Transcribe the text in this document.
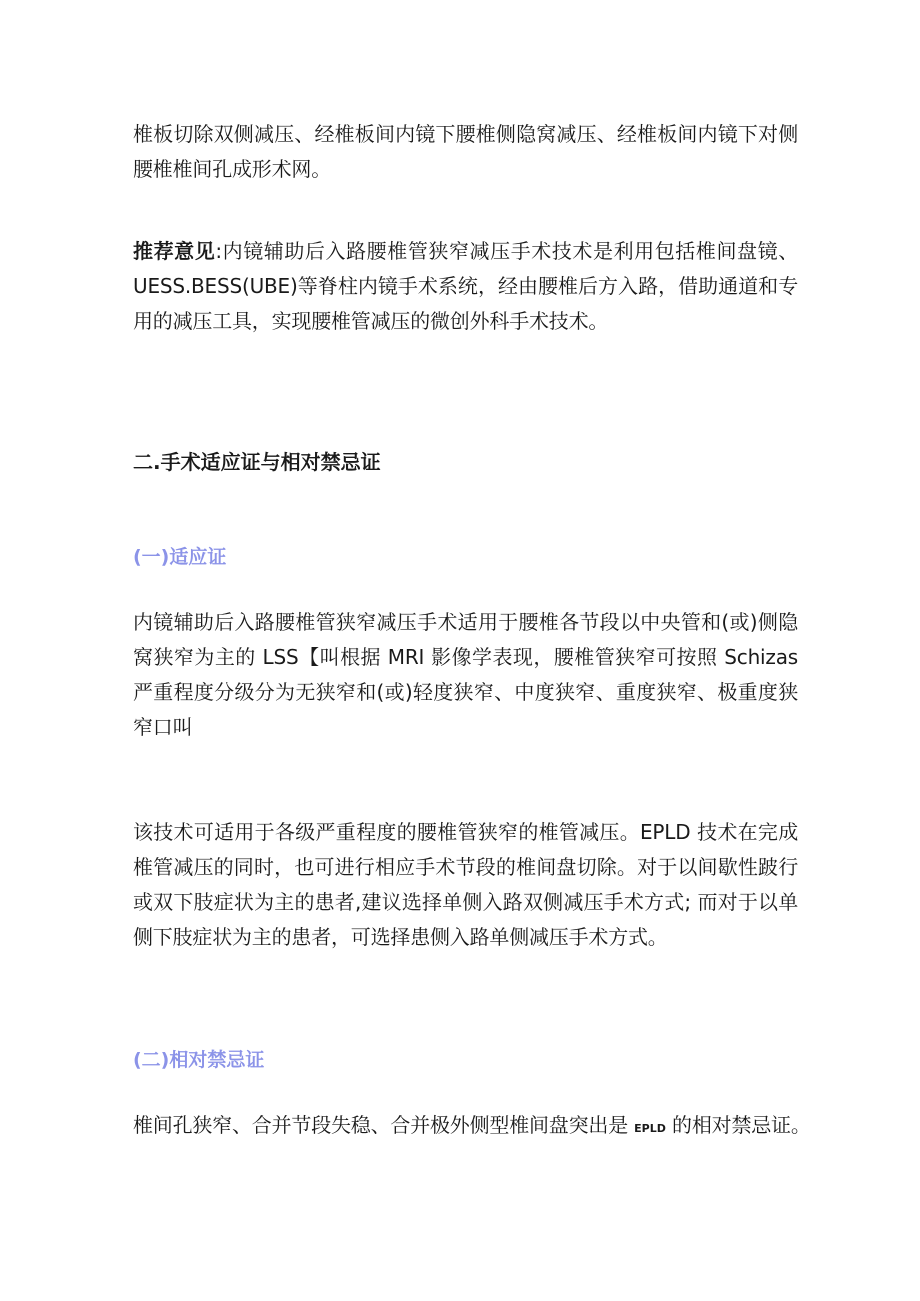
椎板切除双侧减压、经椎板间内镜下腰椎侧隐窝减压、经椎板间内镜下对侧
腰椎椎间孔成形术网。

推荐意见:内镜辅助后入路腰椎管狭窄减压手术技术是利用包括椎间盘镜、
UESS.BESS(UBE)等脊柱内镜手术系统，经由腰椎后方入路，借助通道和专
用的减压工具，实现腰椎管减压的微创外科手术技术。

二.手术适应证与相对禁忌证
(一)适应证

内镜辅助后入路腰椎管狭窄减压手术适用于腰椎各节段以中央管和(或)侧隐
窝狭窄为主的 LSS【叫根据 MRI 影像学表现，腰椎管狭窄可按照 Schizas
严重程度分级分为无狭窄和(或)轻度狭窄、中度狭窄、重度狭窄、极重度狭
窄口叫

该技术可适用于各级严重程度的腰椎管狭窄的椎管减压。EPLD 技术在完成
椎管减压的同时，也可进行相应手术节段的椎间盘切除。对于以间歇性跛行
或双下肢症状为主的患者,建议选择单侧入路双侧减压手术方式; 而对于以单
侧下肢症状为主的患者，可选择患侧入路单侧减压手术方式。

(二)相对禁忌证

椎间孔狭窄、合并节段失稳、合并极外侧型椎间盘突出是 EPLD 的相对禁忌证。
